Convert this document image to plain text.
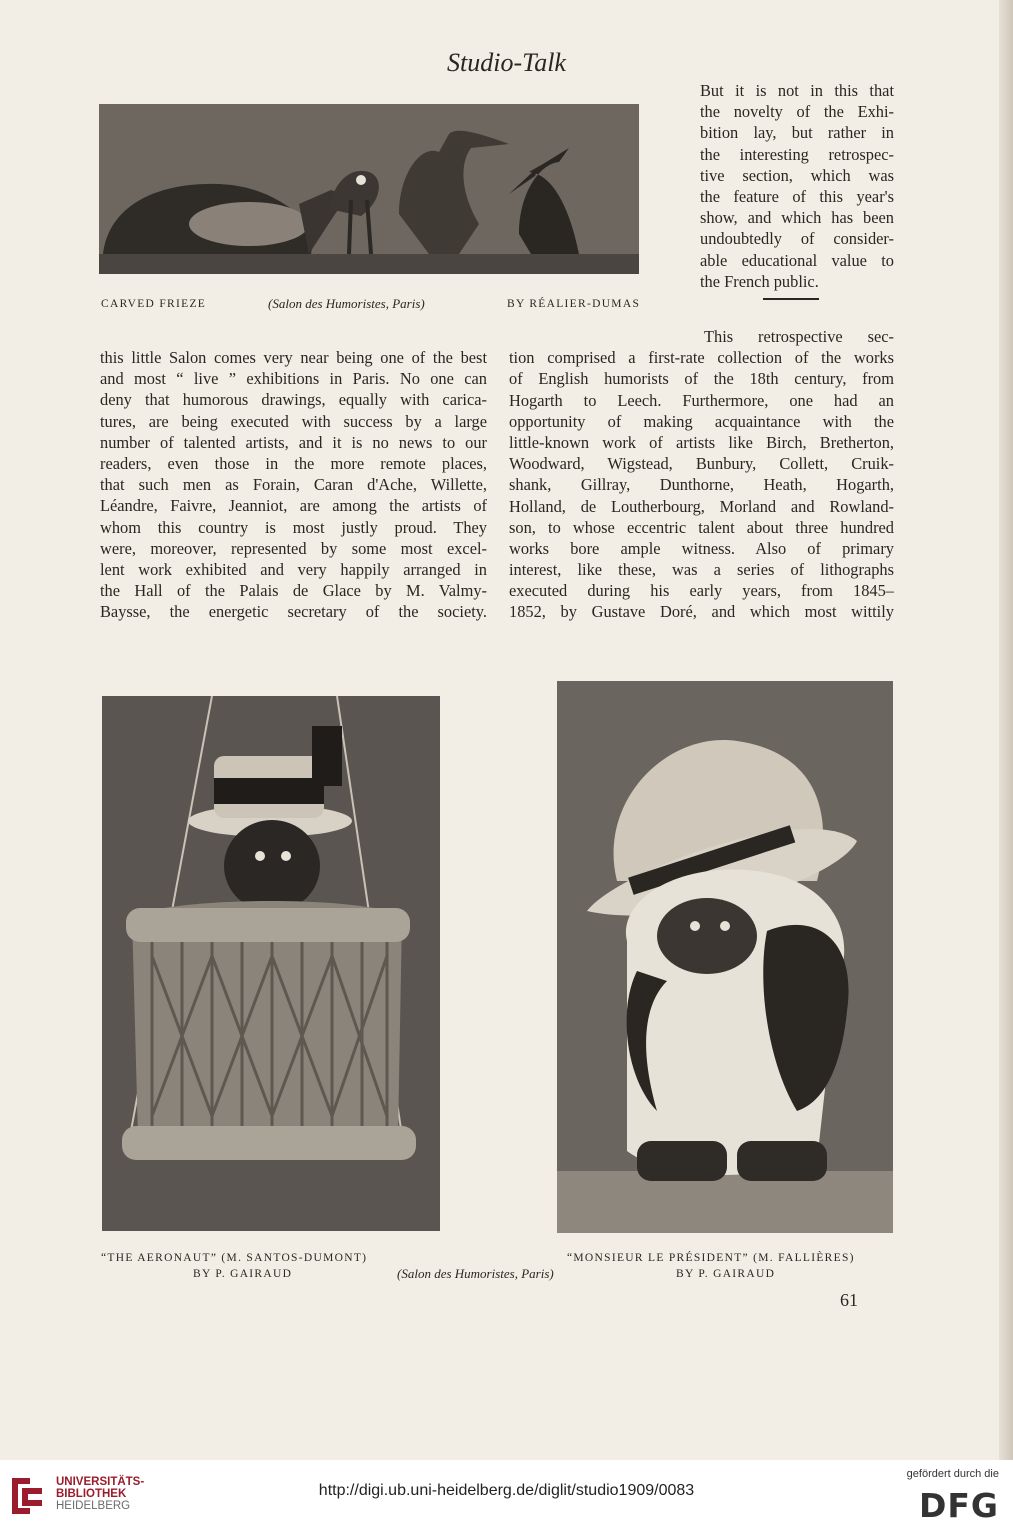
Studio-Talk
CARVED FRIEZE	(Salon des Humoristes, Paris)	BY RÉALIER-DUMAS
But it is not in this that
the novelty of the Exhi-
bition lay, but rather in
the interesting retrospec-
tive section, which was
the feature of this year's
show, and which has been
undoubtedly of consider-
able educational value to
the French public.
this little Salon comes very near being one of the best
and most “ live ” exhibitions in Paris. No one can
deny that humorous drawings, equally with carica-
tures, are being executed with success by a large
number of talented artists, and it is no news to our
readers, even those in the more remote places,
that such men as Forain, Caran d'Ache, Willette,
Léandre, Faivre, Jeanniot, are among the artists of
whom this country is most justly proud. They
were, moreover, represented by some most excel-
lent work exhibited and very happily arranged in
the Hall of the Palais de Glace by M. Valmy-
Baysse, the energetic secretary of the society.
This retrospective sec-
tion comprised a first-rate collection of the works
of English humorists of the 18th century, from
Hogarth to Leech. Furthermore, one had an
opportunity of making acquaintance with the
little-known work of artists like Birch, Bretherton,
Woodward, Wigstead, Bunbury, Collett, Cruik-
shank, Gillray, Dunthorne, Heath, Hogarth,
Holland, de Loutherbourg, Morland and Rowland-
son, to whose eccentric talent about three hundred
works bore ample witness. Also of primary
interest, like these, was a series of lithographs
executed during his early years, from 1845–
1852, by Gustave Doré, and which most wittily
“THE AERONAUT” (M. SANTOS-DUMONT)
BY P. GAIRAUD	(Salon des Humoristes, Paris)
“MONSIEUR LE PRÉSIDENT” (M. FALLIÈRES)
BY P. GAIRAUD
61
UNIVERSITÄTS-
BIBLIOTHEK
HEIDELBERG
http://digi.ub.uni-heidelberg.de/diglit/studio1909/0083
gefördert durch die
DFG
